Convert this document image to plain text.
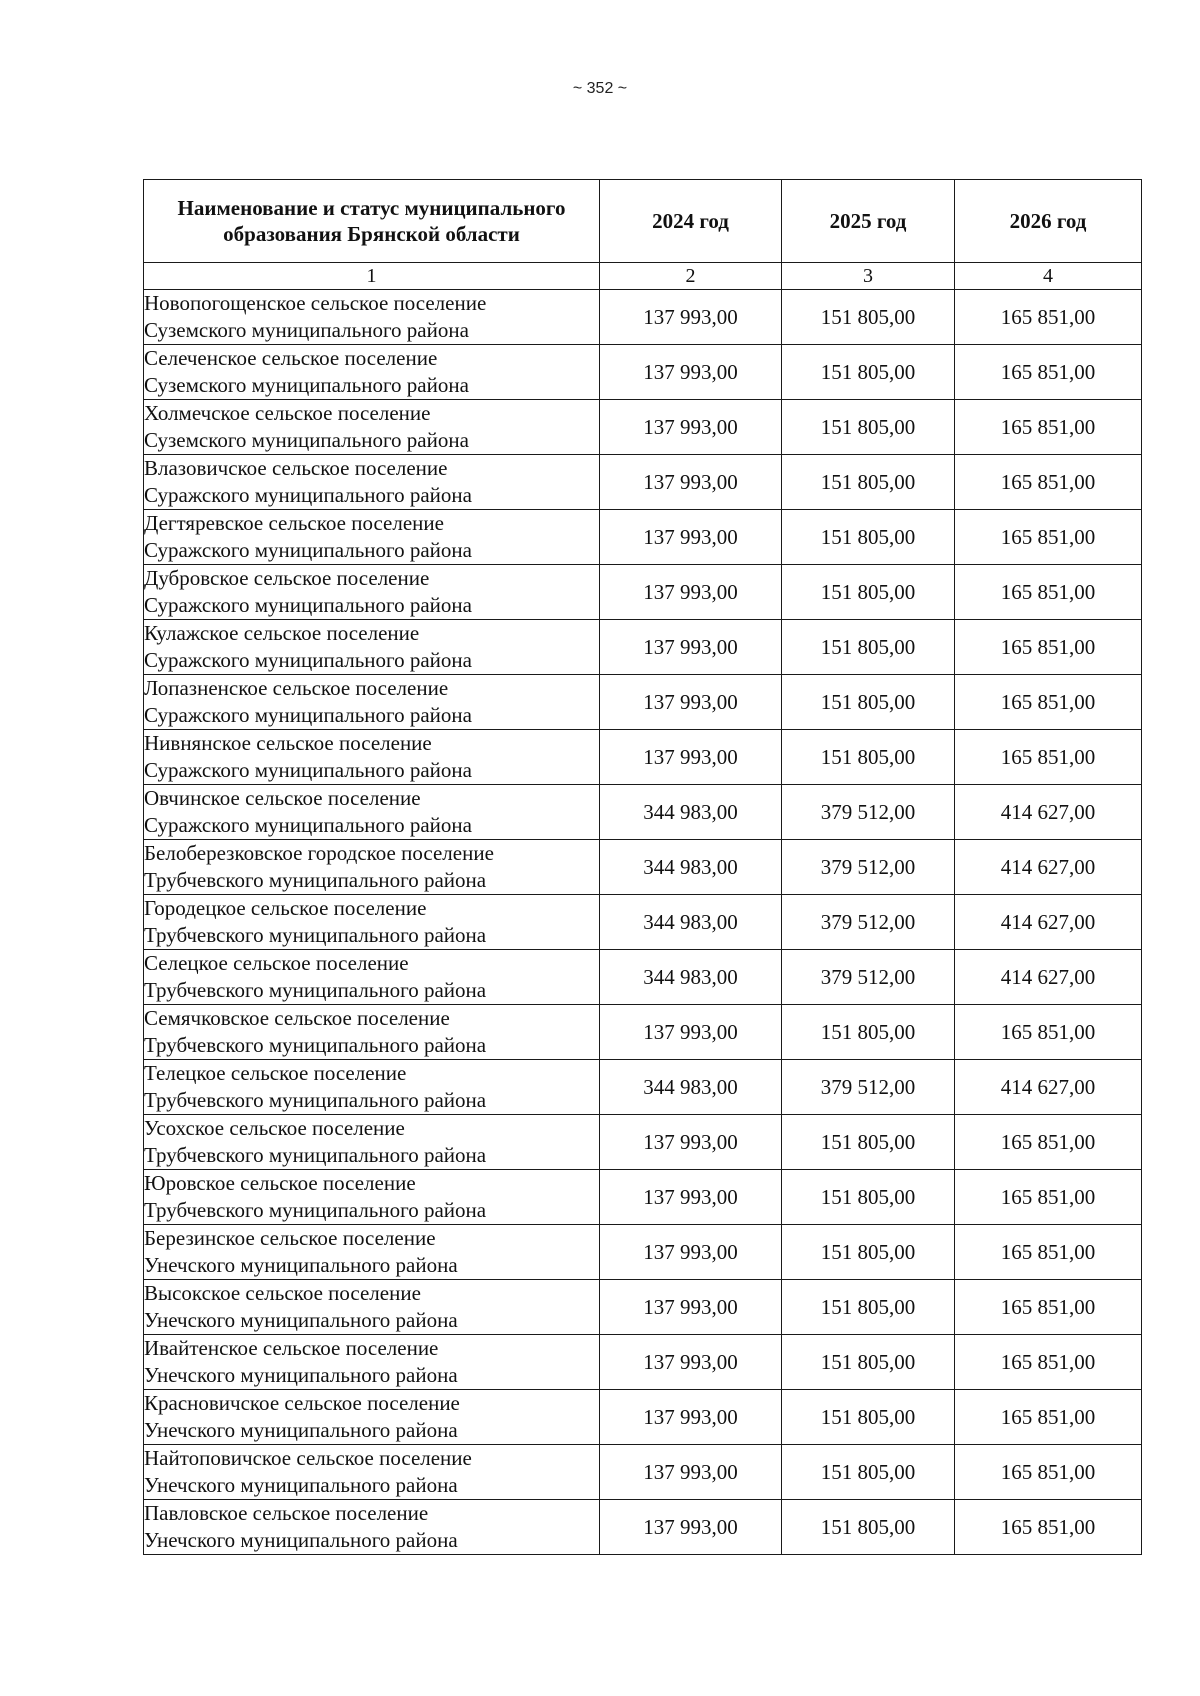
~ 352 ~
Наименование и статус муниципального образования Брянской области	2024 год	2025 год	2026 год
1	2	3	4

Новопогощенское сельское поселение
Суземского муниципального района	137 993,00	151 805,00	165 851,00

Селеченское сельское поселение
Суземского муниципального района	137 993,00	151 805,00	165 851,00

Холмечское сельское поселение
Суземского муниципального района	137 993,00	151 805,00	165 851,00

Влазовичское сельское поселение
Суражского муниципального района	137 993,00	151 805,00	165 851,00

Дегтяревское сельское поселение
Суражского муниципального района	137 993,00	151 805,00	165 851,00

Дубровское сельское поселение
Суражского муниципального района	137 993,00	151 805,00	165 851,00

Кулажское сельское поселение
Суражского муниципального района	137 993,00	151 805,00	165 851,00

Лопазненское сельское поселение
Суражского муниципального района	137 993,00	151 805,00	165 851,00

Нивнянское сельское поселение
Суражского муниципального района	137 993,00	151 805,00	165 851,00

Овчинское сельское поселение
Суражского муниципального района	344 983,00	379 512,00	414 627,00

Белоберезковское городское поселение
Трубчевского муниципального района	344 983,00	379 512,00	414 627,00

Городецкое сельское поселение
Трубчевского муниципального района	344 983,00	379 512,00	414 627,00

Селецкое сельское поселение
Трубчевского муниципального района	344 983,00	379 512,00	414 627,00

Семячковское сельское поселение
Трубчевского муниципального района	137 993,00	151 805,00	165 851,00

Телецкое сельское поселение
Трубчевского муниципального района	344 983,00	379 512,00	414 627,00

Усохское сельское поселение
Трубчевского муниципального района	137 993,00	151 805,00	165 851,00

Юровское сельское поселение
Трубчевского муниципального района	137 993,00	151 805,00	165 851,00

Березинское сельское поселение
Унечского муниципального района	137 993,00	151 805,00	165 851,00

Высокское сельское поселение
Унечского муниципального района	137 993,00	151 805,00	165 851,00

Ивайтенское сельское поселение
Унечского муниципального района	137 993,00	151 805,00	165 851,00

Красновичское сельское поселение
Унечского муниципального района	137 993,00	151 805,00	165 851,00

Найтоповичское сельское поселение
Унечского муниципального района	137 993,00	151 805,00	165 851,00

Павловское сельское поселение
Унечского муниципального района	137 993,00	151 805,00	165 851,00
